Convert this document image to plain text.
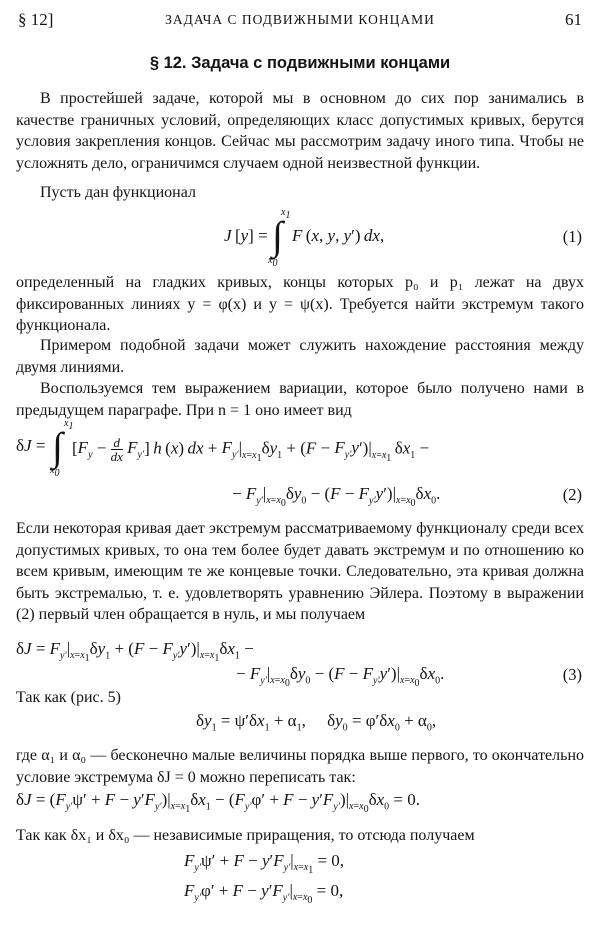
§ 12]	ЗАДАЧА С ПОДВИЖНЫМИ КОНЦАМИ	61
§ 12. Задача с подвижными концами
В простейшей задаче, которой мы в основном до сих пор занимались в качестве граничных условий, определяющих класс допустимых кривых, берутся условия закрепления концов. Сейчас мы рассмотрим задачу иного типа. Чтобы не усложнять дело, ограничимся случаем одной неизвестной функции.
Пусть дан функционал
$x_1$
∫
$x_0$
J [y] = F (x, y, y′) dx,	(1)
определенный на гладких кривых, концы которых p₀ и p₁ лежат на двух фиксированных линиях y = φ(x) и y = ψ(x). Требуется найти экстремум такого функционала.
Примером подобной задачи может служить нахождение расстояния между двумя линиями.
Воспользуемся тем выражением вариации, которое было получено нами в предыдущем параграфе. При n = 1 оно имеет вид
$x_1$
∫
$x_0$
$\delta J = [F_y - \frac{d}{dx} F_{y'}]$ h (x) dx + $F_{y'}|_{x=x_1}\delta y_1 + (F - F_{y'}y')|_{x=x_1}$ $\delta x_1$ −
− $F_{y'}|_{x=x_0}\delta y_0 - (F - F_{y'}y')|_{x=x_0}\delta x_0$.	(2)
Если некоторая кривая дает экстремум рассматриваемому функционалу среди всех допустимых кривых, то она тем более будет давать экстремум и по отношению ко всем кривым, имеющим те же концевые точки. Следовательно, эта кривая должна быть экстремалью, т. е. удовлетворять уравнению Эйлера. Поэтому в выражении (2) первый член обращается в нуль, и мы получаем
$\delta J = F_{y'}|_{x=x_1}\delta y_1 + (F - F_{y'}y')|_{x=x_1}\delta x_1$ −
− $F_{y'}|_{x=x_0}\delta y_0 - (F - F_{y'}y')|_{x=x_0}\delta x_0$.	(3)
Так как (рис. 5)
$\delta y_1 = \psi'\delta x_1 + \alpha_1$,     $\delta y_0 = \varphi'\delta x_0 + \alpha_0$,
где α₁ и α₀ — бесконечно малые величины порядка выше первого, то окончательно условие экстремума δJ = 0 можно переписать так:
$\delta J = (F_{y'}\psi' + F - y'F_{y'})|_{x=x_1}\delta x_1 - (F_{y'}\varphi' + F - y'F_{y'})|_{x=x_0}\delta x_0 = 0$.
Так как δx₁ и δx₀ — независимые приращения, то отсюда получаем
$F_{y'}\psi' + F - y'F_{y'}|_{x=x_1} = 0$,
$F_{y'}\varphi' + F - y'F_{y'}|_{x=x_0} = 0$,
